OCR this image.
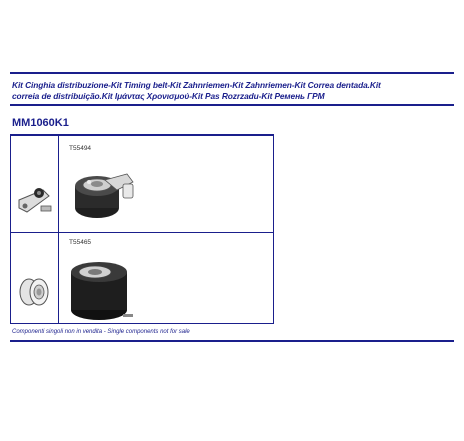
Kit Cinghia distribuzione-Kit Timing belt-Kit Zahnriemen-Kit Zahnriemen-Kit Correa dentada.Kit
correia de distribuição.Kit Ιμάντας Χρονισμού-Kit Pas Rozrzadu-Kit Ремень ГРМ
MM1060K1
T55494
T55465
Componenti singoli non in vendita - Single components not for sale
